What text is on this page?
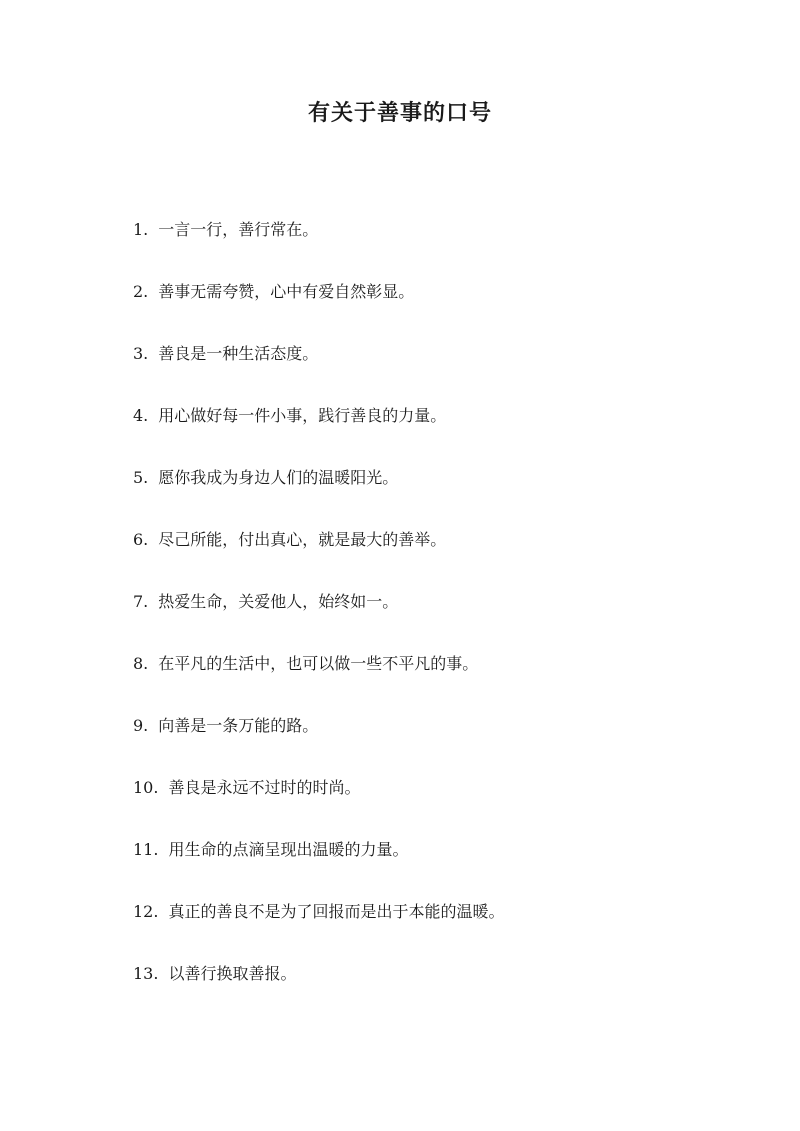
有关于善事的口号
1. 一言一行，善行常在。
2. 善事无需夸赞，心中有爱自然彰显。
3. 善良是一种生活态度。
4. 用心做好每一件小事，践行善良的力量。
5. 愿你我成为身边人们的温暖阳光。
6. 尽己所能，付出真心，就是最大的善举。
7. 热爱生命，关爱他人，始终如一。
8. 在平凡的生活中，也可以做一些不平凡的事。
9. 向善是一条万能的路。
10. 善良是永远不过时的时尚。
11. 用生命的点滴呈现出温暖的力量。
12. 真正的善良不是为了回报而是出于本能的温暖。
13. 以善行换取善报。
